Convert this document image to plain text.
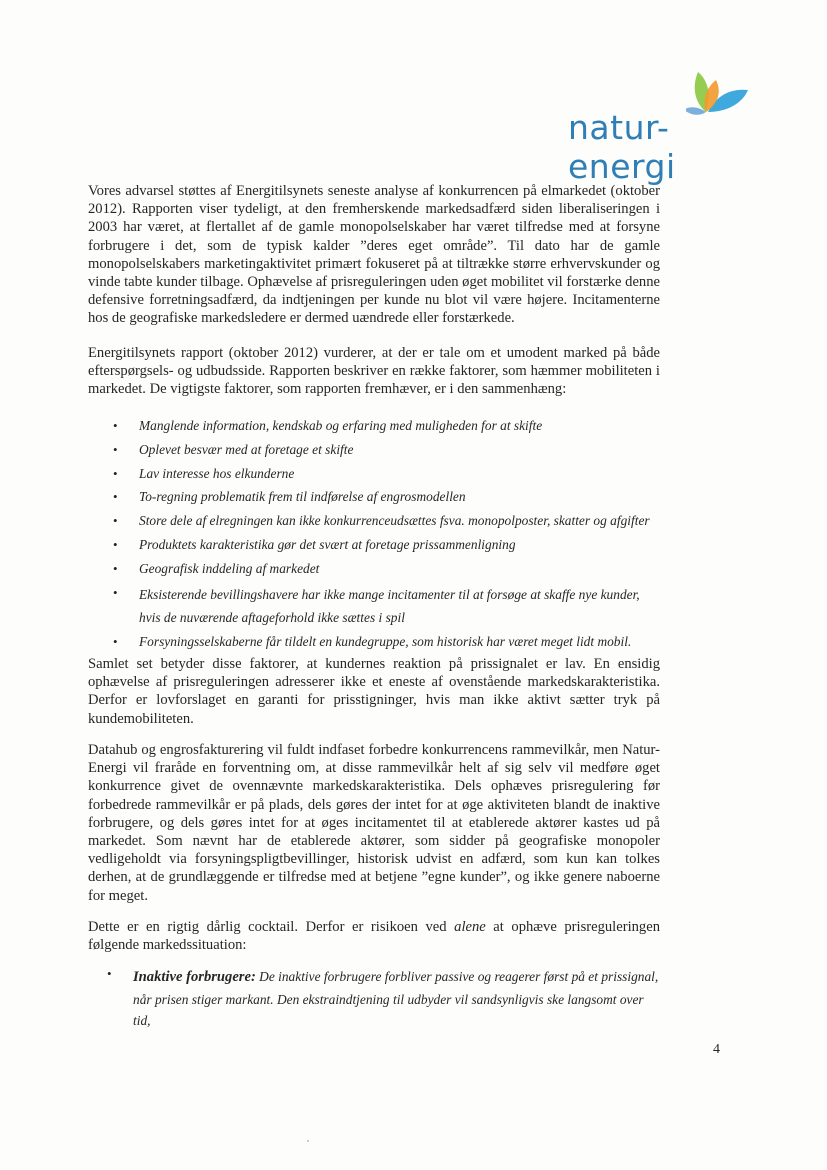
natur-energi
Vores advarsel støttes af Energitilsynets seneste analyse af konkurrencen på elmarkedet (oktober 2012). Rapporten viser tydeligt, at den fremherskende markedsadfærd siden liberaliseringen i 2003 har været, at flertallet af de gamle monopolselskaber har været tilfredse med at forsyne forbrugere i det, som de typisk kalder ”deres eget område”. Til dato har de gamle monopolselskabers marketingaktivitet primært fokuseret på at tiltrække større erhvervskunder og vinde tabte kunder tilbage. Ophævelse af prisreguleringen uden øget mobilitet vil forstærke denne defensive forretningsadfærd, da indtjeningen per kunde nu blot vil være højere. Incitamenterne hos de geografiske markedsledere er dermed uændrede eller forstærkede.
Energitilsynets rapport (oktober 2012) vurderer, at der er tale om et umodent marked på både efterspørgsels- og udbudsside. Rapporten beskriver en række faktorer, som hæmmer mobiliteten i markedet. De vigtigste faktorer, som rapporten fremhæver, er i den sammenhæng:
• Manglende information, kendskab og erfaring med muligheden for at skifte
• Oplevet besvær med at foretage et skifte
• Lav interesse hos elkunderne
• To-regning problematik frem til indførelse af engrosmodellen
• Store dele af elregningen kan ikke konkurrenceudsættes fsva. monopolposter, skatter og afgifter
• Produktets karakteristika gør det svært at foretage prissammenligning
• Geografisk inddeling af markedet
• Eksisterende bevillingshavere har ikke mange incitamenter til at forsøge at skaffe nye kunder, hvis de nuværende aftageforhold ikke sættes i spil
• Forsyningsselskaberne får tildelt en kundegruppe, som historisk har været meget lidt mobil.
Samlet set betyder disse faktorer, at kundernes reaktion på prissignalet er lav. En ensidig ophævelse af prisreguleringen adresserer ikke et eneste af ovenstående markedskarakteristika. Derfor er lovforslaget en garanti for prisstigninger, hvis man ikke aktivt sætter tryk på kundemobiliteten.
Datahub og engrosfakturering vil fuldt indfaset forbedre konkurrencens rammevilkår, men Natur-Energi vil fraråde en forventning om, at disse rammevilkår helt af sig selv vil medføre øget konkurrence givet de ovennævnte markedskarakteristika. Dels ophæves prisregulering før forbedrede rammevilkår er på plads, dels gøres der intet for at øge aktiviteten blandt de inaktive forbrugere, og dels gøres intet for at øges incitamentet til at etablerede aktører kastes ud på markedet. Som nævnt har de etablerede aktører, som sidder på geografiske monopoler vedligeholdt via forsyningspligtbevillinger, historisk udvist en adfærd, som kun kan tolkes derhen, at de grundlæggende er tilfredse med at betjene ”egne kunder”, og ikke genere naboerne for meget.
Dette er en rigtig dårlig cocktail. Derfor er risikoen ved alene at ophæve prisreguleringen følgende markedssituation:
•	Inaktive forbrugere: De inaktive forbrugere forbliver passive og reagerer først på et prissignal, når prisen stiger markant. Den ekstraindtjening til udbyder vil sandsynligvis ske langsomt over tid,
4
